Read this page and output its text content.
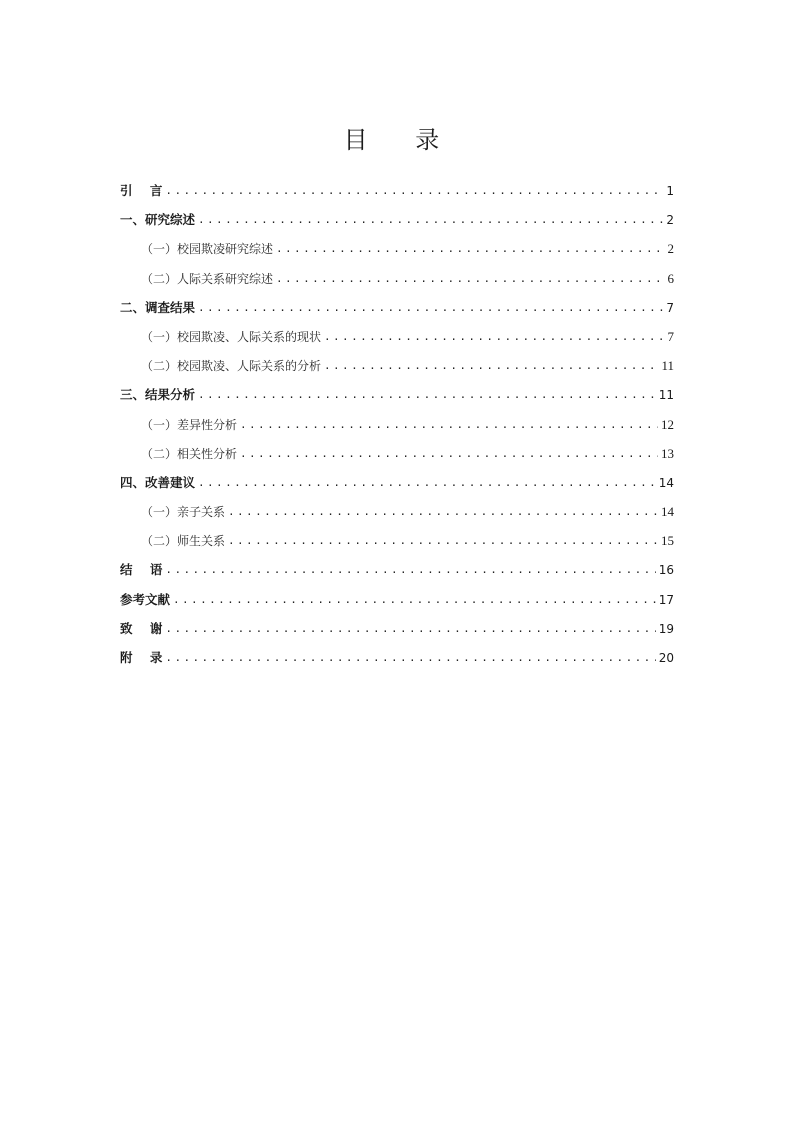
目 录
引    言 .....	1
一、研究综述 .....	2
（一）校园欺凌研究综述 .....	2
（二）人际关系研究综述 .....	6
二、调查结果 .....	7
（一）校园欺凌、人际关系的现状 .....	7
（二）校园欺凌、人际关系的分析 .....	11
三、结果分析 .....	11
（一）差异性分析 .....	12
（二）相关性分析 .....	13
四、改善建议 .....	14
（一）亲子关系 .....	14
（二）师生关系 .....	15
结    语 .....	16
参考文献 .....	17
致    谢 .....	19
附    录 .....	20
